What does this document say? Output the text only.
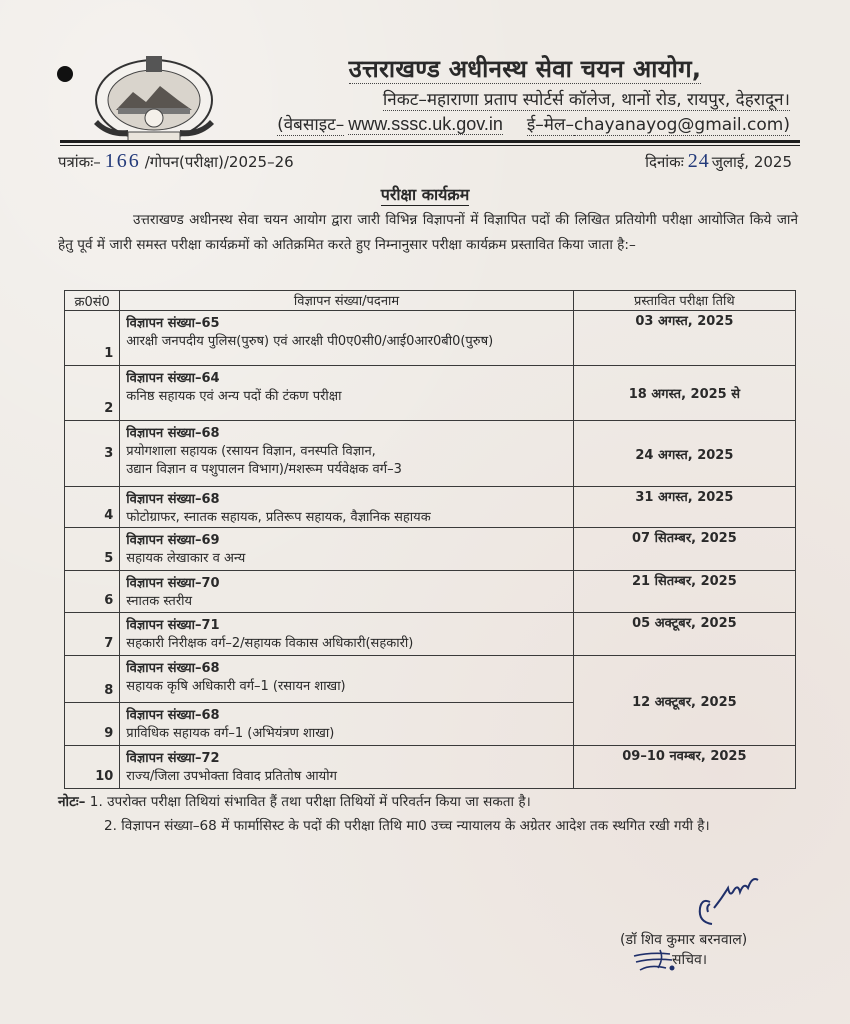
उत्तराखण्ड अधीनस्थ सेवा चयन आयोग,
निकट–महाराणा प्रताप स्पोर्टर्स कॉलेज, थानों रोड, रायपुर, देहरादून।
(वेबसाइट– www.sssc.uk.gov.in ई–मेल–chayanayog@gmail.com)
पत्रांकः– 166 /गोपन(परीक्षा)/2025–26	दिनांकः 24 जुलाई, 2025
परीक्षा कार्यक्रम
उत्तराखण्ड अधीनस्थ सेवा चयन आयोग द्वारा जारी विभिन्न विज्ञापनों में विज्ञापित पदों की लिखित प्रतियोगी परीक्षा आयोजित किये जाने हेतु पूर्व में जारी समस्त परीक्षा कार्यक्रमों को अतिक्रमित करते हुए निम्नानुसार परीक्षा कार्यक्रम प्रस्तावित किया जाता है:–
क्र0सं0	विज्ञापन संख्या/पदनाम	प्रस्तावित परीक्षा तिथि
1	विज्ञापन संख्या–65
आरक्षी जनपदीय पुलिस(पुरुष) एवं आरक्षी पी0ए0सी0/आई0आर0बी0(पुरुष)	03 अगस्त, 2025
2	विज्ञापन संख्या–64
कनिष्ठ सहायक एवं अन्य पदों की टंकण परीक्षा	18 अगस्त, 2025 से
3	विज्ञापन संख्या–68
प्रयोगशाला सहायक (रसायन विज्ञान, वनस्पति विज्ञान,
उद्यान विज्ञान व पशुपालन विभाग)/मशरूम पर्यवेक्षक वर्ग–3	24 अगस्त, 2025
4	विज्ञापन संख्या–68
फोटोग्राफर, स्नातक सहायक, प्रतिरूप सहायक, वैज्ञानिक सहायक	31 अगस्त, 2025
5	विज्ञापन संख्या–69
सहायक लेखाकार व अन्य	07 सितम्बर, 2025
6	विज्ञापन संख्या–70
स्नातक स्तरीय	21 सितम्बर, 2025
7	विज्ञापन संख्या–71
सहकारी निरीक्षक वर्ग–2/सहायक विकास अधिकारी(सहकारी)	05 अक्टूबर, 2025
8	विज्ञापन संख्या–68
सहायक कृषि अधिकारी वर्ग–1 (रसायन शाखा)	12 अक्टूबर, 2025
9	विज्ञापन संख्या–68
प्राविधिक सहायक वर्ग–1 (अभियंत्रण शाखा)	

10	विज्ञापन संख्या–72
राज्य/जिला उपभोक्ता विवाद प्रतितोष आयोग	09–10 नवम्बर, 2025
नोटः– 1. उपरोक्त परीक्षा तिथियां संभावित हैं तथा परीक्षा तिथियों में परिवर्तन किया जा सकता है।
2. विज्ञापन संख्या–68 में फार्मासिस्ट के पदों की परीक्षा तिथि मा0 उच्च न्यायालय के अग्रेतर आदेश तक स्थगित रखी गयी है।
(डॉ शिव कुमार बरनवाल)
सचिव।
